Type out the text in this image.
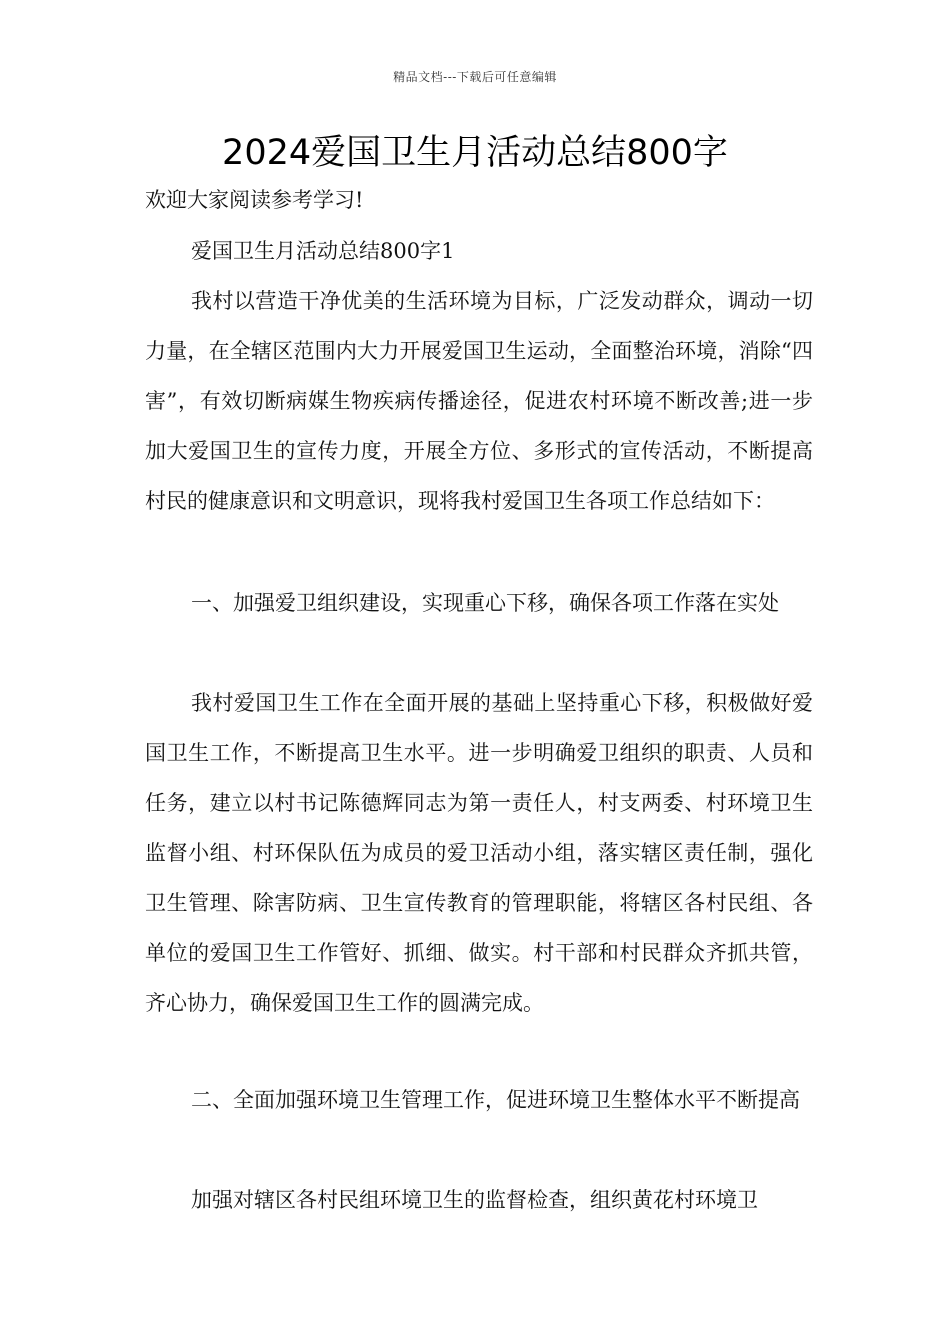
精品文档---下载后可任意编辑
2024爱国卫生月活动总结800字

欢迎大家阅读参考学习!

爱国卫生月活动总结800字1

我村以营造干净优美的生活环境为目标，广泛发动群众，调动一切力量，在全辖区范围内大力开展爱国卫生运动，全面整治环境，消除“四害”，有效切断病媒生物疾病传播途径，促进农村环境不断改善;进一步加大爱国卫生的宣传力度，开展全方位、多形式的宣传活动，不断提高村民的健康意识和文明意识，现将我村爱国卫生各项工作总结如下：

一、加强爱卫组织建设，实现重心下移，确保各项工作落在实处

我村爱国卫生工作在全面开展的基础上坚持重心下移，积极做好爱国卫生工作，不断提高卫生水平。进一步明确爱卫组织的职责、人员和任务，建立以村书记陈德辉同志为第一责任人，村支两委、村环境卫生监督小组、村环保队伍为成员的爱卫活动小组，落实辖区责任制，强化卫生管理、除害防病、卫生宣传教育的管理职能，将辖区各村民组、各单位的爱国卫生工作管好、抓细、做实。村干部和村民群众齐抓共管，齐心协力，确保爱国卫生工作的圆满完成。

二、全面加强环境卫生管理工作，促进环境卫生整体水平不断提高

加强对辖区各村民组环境卫生的监督检查，组织黄花村环境卫
